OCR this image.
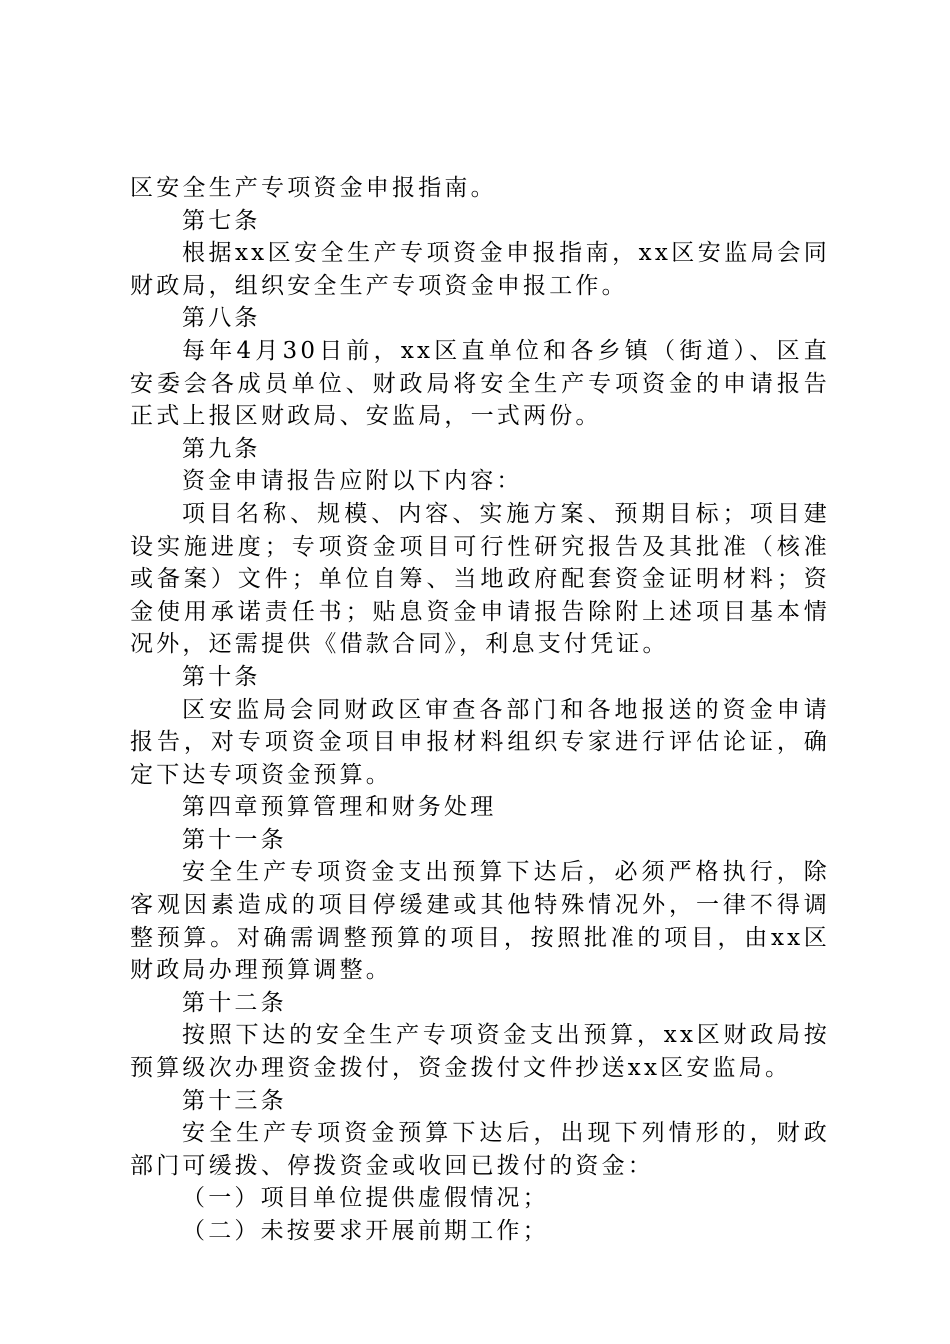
区安全生产专项资金申报指南。

第七条

根据xx区安全生产专项资金申报指南，xx区安监局会同财政局，组织安全生产专项资金申报工作。

第八条

每年4月30日前，xx区直单位和各乡镇（街道）、区直安委会各成员单位、财政局将安全生产专项资金的申请报告正式上报区财政局、安监局，一式两份。

第九条

资金申请报告应附以下内容：

项目名称、规模、内容、实施方案、预期目标；项目建设实施进度；专项资金项目可行性研究报告及其批准（核准或备案）文件；单位自筹、当地政府配套资金证明材料；资金使用承诺责任书；贴息资金申请报告除附上述项目基本情况外，还需提供《借款合同》，利息支付凭证。

第十条

区安监局会同财政区审查各部门和各地报送的资金申请报告，对专项资金项目申报材料组织专家进行评估论证，确定下达专项资金预算。

第四章预算管理和财务处理

第十一条

安全生产专项资金支出预算下达后，必须严格执行，除客观因素造成的项目停缓建或其他特殊情况外，一律不得调整预算。对确需调整预算的项目，按照批准的项目，由xx区财政局办理预算调整。

第十二条

按照下达的安全生产专项资金支出预算，xx区财政局按预算级次办理资金拨付，资金拨付文件抄送xx区安监局。

第十三条

安全生产专项资金预算下达后，出现下列情形的，财政部门可缓拨、停拨资金或收回已拨付的资金：

（一）项目单位提供虚假情况；

（二）未按要求开展前期工作；
